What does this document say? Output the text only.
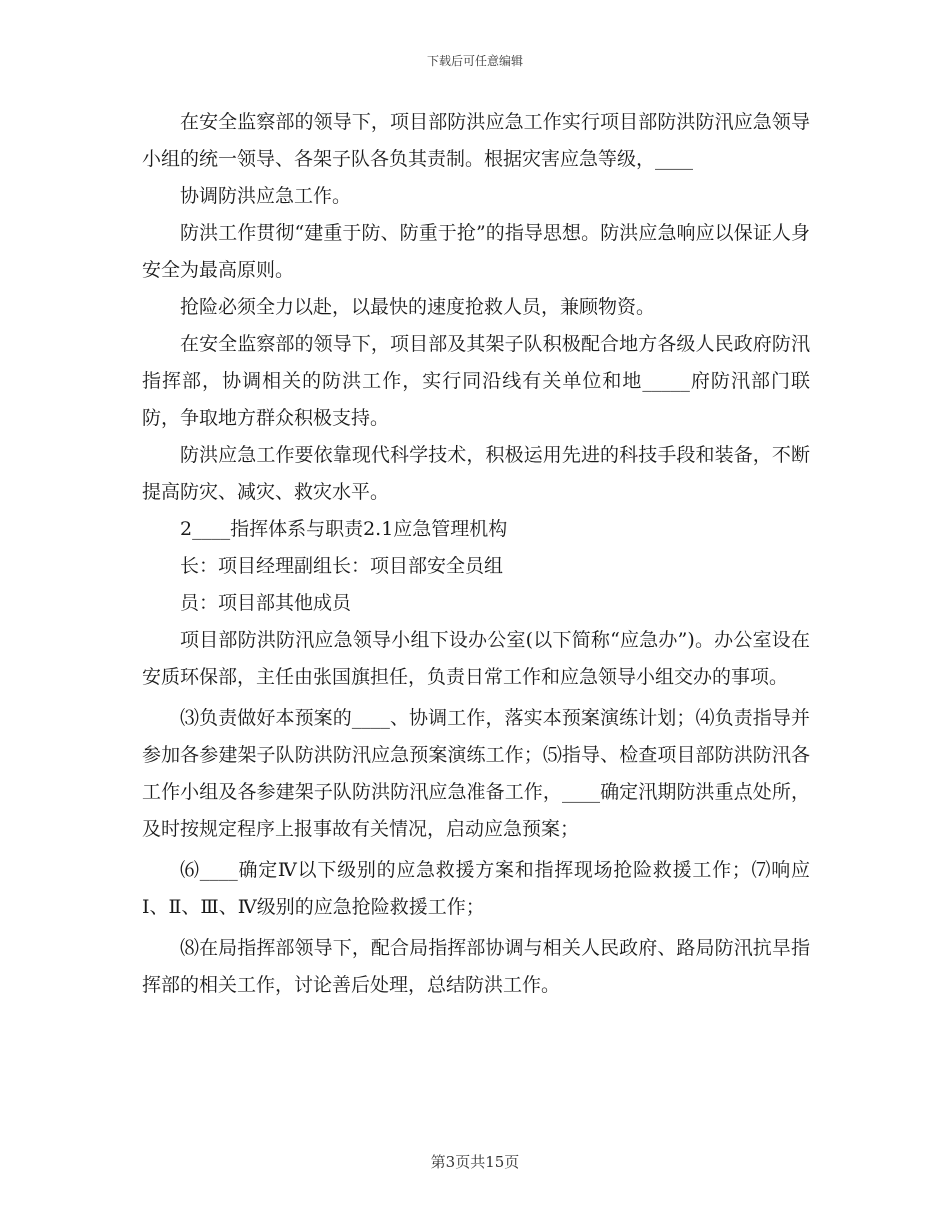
下载后可任意编辑

在安全监察部的领导下，项目部防洪应急工作实行项目部防洪防汛应急领导小组的统一领导、各架子队各负其责制。根据灾害应急等级，____

协调防洪应急工作。

防洪工作贯彻“建重于防、防重于抢”的指导思想。防洪应急响应以保证人身安全为最高原则。

抢险必须全力以赴，以最快的速度抢救人员，兼顾物资。

在安全监察部的领导下，项目部及其架子队积极配合地方各级人民政府防汛指挥部，协调相关的防洪工作，实行同沿线有关单位和地_____府防汛部门联防，争取地方群众积极支持。

防洪应急工作要依靠现代科学技术，积极运用先进的科技手段和装备，不断提高防灾、减灾、救灾水平。

2____指挥体系与职责2.1应急管理机构

长：项目经理副组长：项目部安全员组

员：项目部其他成员

项目部防洪防汛应急领导小组下设办公室(以下简称“应急办”)。办公室设在安质环保部，主任由张国旗担任，负责日常工作和应急领导小组交办的事项。

⑶负责做好本预案的____、协调工作，落实本预案演练计划；⑷负责指导并参加各参建架子队防洪防汛应急预案演练工作；⑸指导、检查项目部防洪防汛各工作小组及各参建架子队防洪防汛应急准备工作，____确定汛期防洪重点处所，及时按规定程序上报事故有关情况，启动应急预案；

⑹____确定Ⅳ以下级别的应急救援方案和指挥现场抢险救援工作；⑺响应Ⅰ、Ⅱ、Ⅲ、Ⅳ级别的应急抢险救援工作；

⑻在局指挥部领导下，配合局指挥部协调与相关人民政府、路局防汛抗旱指挥部的相关工作，讨论善后处理，总结防洪工作。

第3页共15页
